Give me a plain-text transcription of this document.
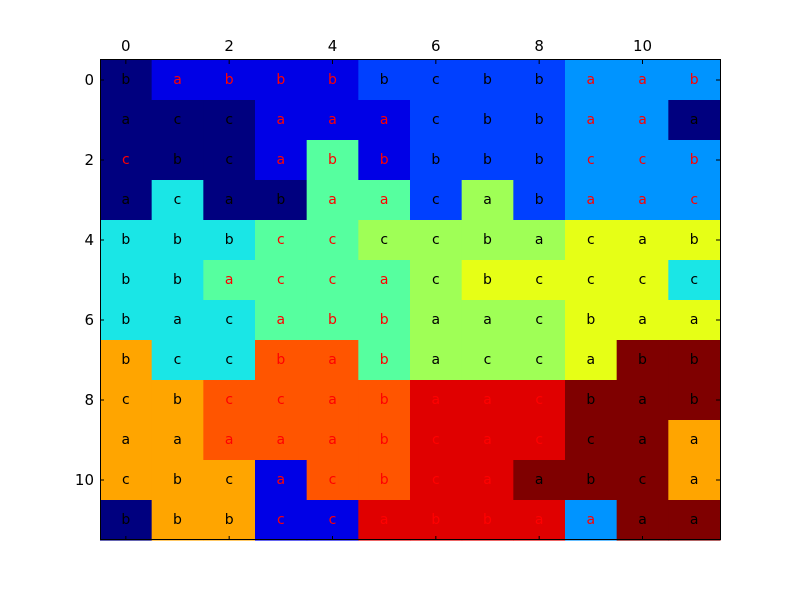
b	a	b	b	b	b	c	b	b	a	a	b
a	c	c	a	a	a	c	b	b	a	a	a
c	b	c	a	b	b	b	b	b	c	c	b
a	c	a	b	a	a	c	a	b	a	a	c
b	b	b	c	c	c	c	b	a	c	a	b
b	b	a	c	c	a	c	b	c	c	c	c
b	a	c	a	b	b	a	a	c	b	a	a
b	c	c	b	a	b	a	c	c	a	b	b
c	b	c	c	a	b	a	a	c	b	a	b
a	a	a	a	a	b	c	a	c	c	a	a
c	b	c	a	c	b	c	a	a	b	c	a
b	b	b	c	c	a	b	b	a	a	a	a
0	2	4	6	8	10
0
2
4
6
8
10
